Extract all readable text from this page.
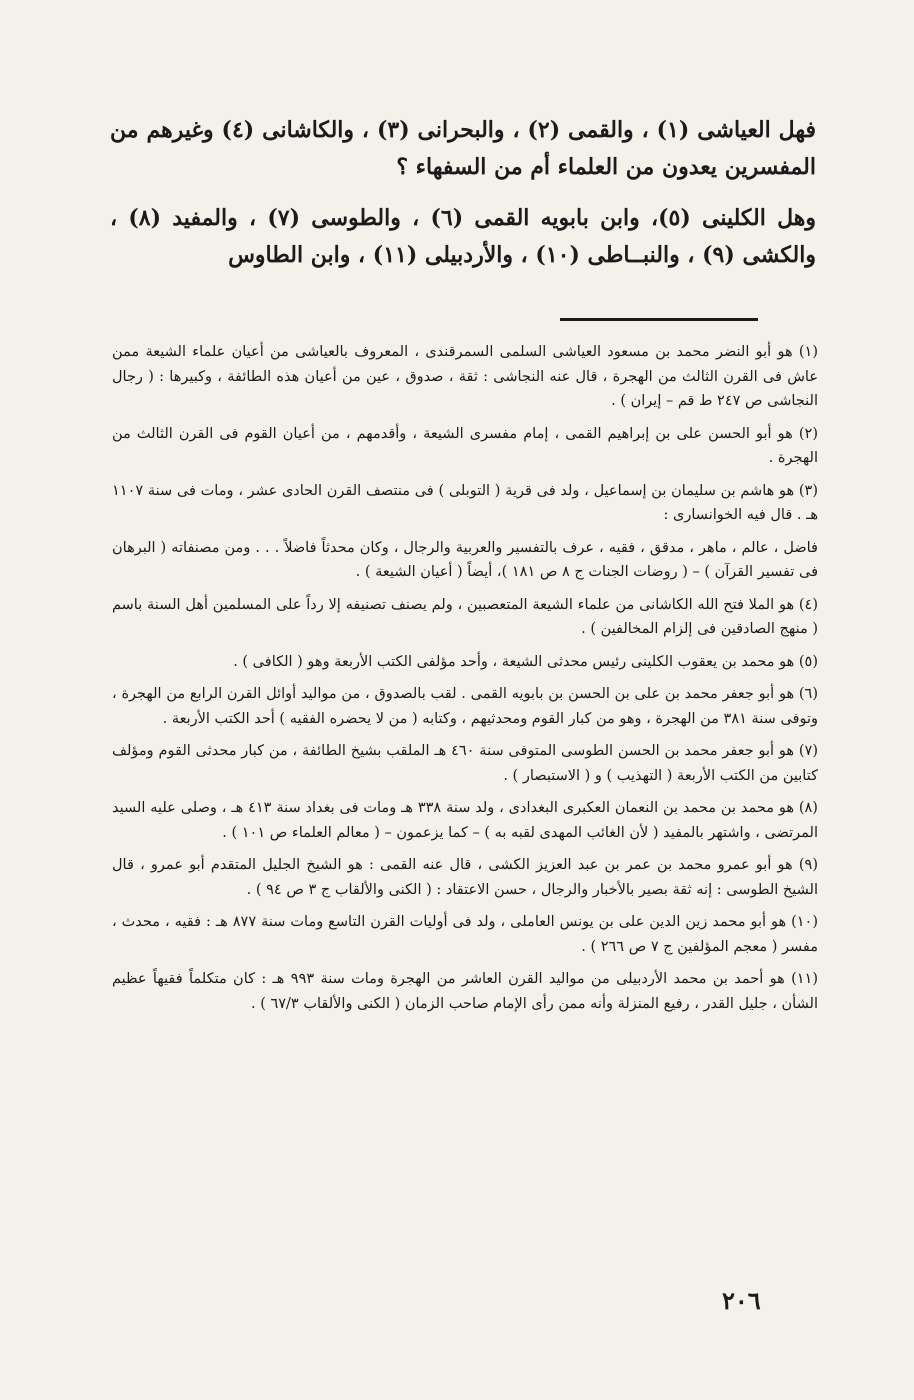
فهل العياشى (١) ، والقمى (٢) ، والبحرانى (٣) ، والكاشانى (٤) وغيرهم من المفسرين يعدون من العلماء أم من السفهاء ؟

وهل الكلينى (٥)، وابن بابويه القمى (٦) ، والطوسى (٧) ، والمفيد (٨) ، والكشى (٩) ، والنبــاطى (١٠) ، والأردبيلى (١١) ، وابن الطاوس

(١) هو أبو النضر محمد بن مسعود العياشى السلمى السمرقندى ، المعروف بالعياشى من أعيان علماء الشيعة ممن عاش فى القرن الثالث من الهجرة ، قال عنه النجاشى : ثقة ، صدوق ، عين من أعيان هذه الطائفة ، وكبيرها : ( رجال النجاشى ص ٢٤٧ ط قم – إيران ) .

(٢) هو أبو الحسن على بن إبراهيم القمى ، إمام مفسرى الشيعة ، وأقدمهم ، من أعيان القوم فى القرن الثالث من الهجرة .

(٣) هو هاشم بن سليمان بن إسماعيل ، ولد فى قرية ( التوبلى ) فى منتصف القرن الحادى عشر ، ومات فى سنة ١١٠٧ هـ . قال فيه الخوانسارى :

فاضل ، عالم ، ماهر ، مدقق ، فقيه ، عرف بالتفسير والعربية والرجال ، وكان محدثاً فاضلاً . . . ومن مصنفاته ( البرهان فى تفسير القرآن ) – ( روضات الجنات ج ٨ ص ١٨١ )، أيضاً ( أعيان الشيعة ) .

(٤) هو الملا فتح الله الكاشانى من علماء الشيعة المتعصبين ، ولم يصنف تصنيفه إلا رداً على المسلمين أهل السنة باسم ( منهج الصادقين فى إلزام المخالفين ) .

(٥) هو محمد بن يعقوب الكلينى رئيس محدثى الشيعة ، وأحد مؤلفى الكتب الأربعة وهو ( الكافى ) .

(٦) هو أبو جعفر محمد بن على بن الحسن بن بابويه القمى . لقب بالصدوق ، من مواليد أوائل القرن الرابع من الهجرة ، وتوفى سنة ٣٨١ من الهجرة ، وهو من كبار القوم ومحدثيهم ، وكتابه ( من لا يحضره الفقيه ) أحد الكتب الأربعة .

(٧) هو أبو جعفر محمد بن الحسن الطوسى المتوفى سنة ٤٦٠ هـ الملقب بشيخ الطائفة ، من كبار محدثى القوم ومؤلف كتابين من الكتب الأربعة ( التهذيب ) و ( الاستبصار ) .

(٨) هو محمد بن محمد بن النعمان العكبرى البغدادى ، ولد سنة ٣٣٨ هـ ومات فى بغداد سنة ٤١٣ هـ ، وصلى عليه السيد المرتضى ، واشتهر بالمفيد ( لأن الغائب المهدى لقبه به ) – كما يزعمون – ( معالم العلماء ص ١٠١ ) .

(٩) هو أبو عمرو محمد بن عمر بن عبد العزيز الكشى ، قال عنه القمى : هو الشيخ الجليل المتقدم أبو عمرو ، قال الشيخ الطوسى : إنه ثقة بصير بالأخبار والرجال ، حسن الاعتقاد : ( الكنى والألقاب ج ٣ ص ٩٤ ) .

(١٠) هو أبو محمد زين الدين على بن يونس العاملى ، ولد فى أوليات القرن التاسع ومات سنة ٨٧٧ هـ : فقيه ، محدث ، مفسر ( معجم المؤلفين ج ٧ ص ٢٦٦ ) .

(١١) هو أحمد بن محمد الأردبيلى من مواليد القرن العاشر من الهجرة ومات سنة ٩٩٣ هـ : كان متكلماً فقيهاً عظيم الشأن ، جليل القدر ، رفيع المنزلة وأنه ممن رأى الإمام صاحب الزمان ( الكنى والألقاب ٦٧/٣ ) .

٢٠٦
